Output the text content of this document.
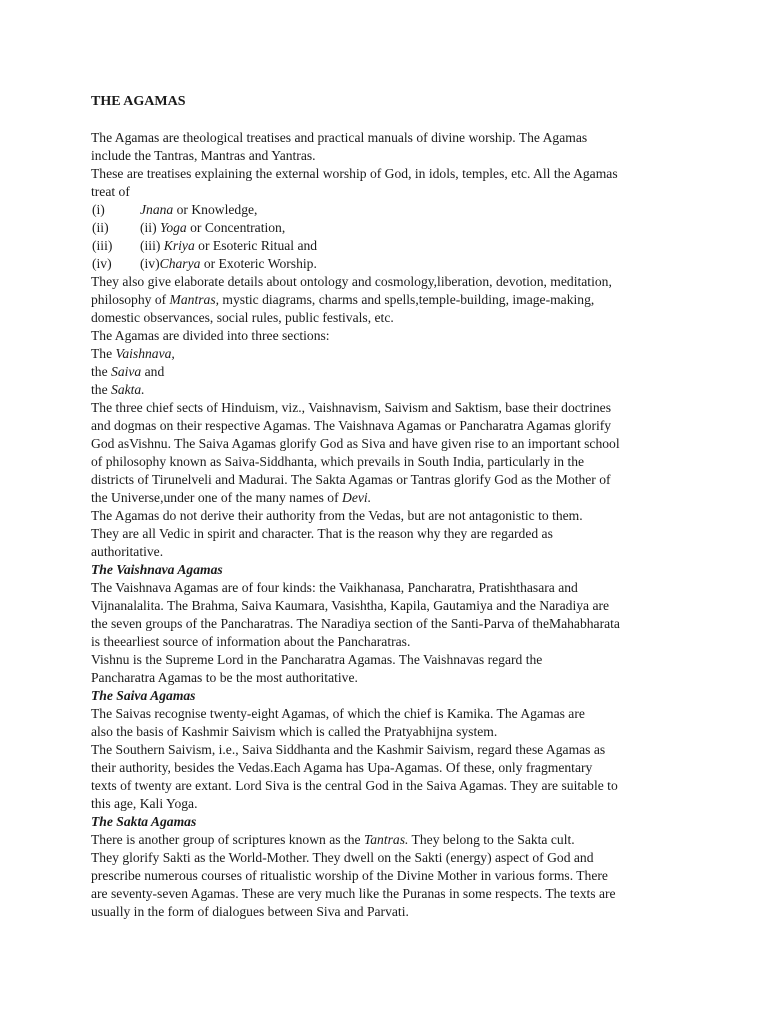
THE AGAMAS
The Agamas are theological treatises and practical manuals of divine worship. The Agamas
include the Tantras, Mantras and Yantras.
These are treatises explaining the external worship of God, in idols, temples, etc. All the Agamas
treat of
(i)	Jnana or Knowledge,
(ii)	(ii) Yoga or Concentration,
(iii)	(iii) Kriya or Esoteric Ritual and
(iv)	(iv)Charya or Exoteric Worship.
They also give elaborate details about ontology and cosmology,liberation, devotion, meditation,
philosophy of Mantras, mystic diagrams, charms and spells,temple-building, image-making,
domestic observances, social rules, public festivals, etc.
The Agamas are divided into three sections:
The Vaishnava,
the Saiva and
the Sakta.
The three chief sects of Hinduism, viz., Vaishnavism, Saivism and Saktism, base their doctrines
and dogmas on their respective Agamas. The Vaishnava Agamas or Pancharatra Agamas glorify
God asVishnu. The Saiva Agamas glorify God as Siva and have given rise to an important school
of philosophy known as Saiva-Siddhanta, which prevails in South India, particularly in the
districts of Tirunelveli and Madurai. The Sakta Agamas or Tantras glorify God as the Mother of
the Universe,under one of the many names of Devi.
The Agamas do not derive their authority from the Vedas, but are not antagonistic to them.
They are all Vedic in spirit and character. That is the reason why they are regarded as
authoritative.
The Vaishnava Agamas
The Vaishnava Agamas are of four kinds: the Vaikhanasa, Pancharatra, Pratishthasara and
Vijnanalalita. The Brahma, Saiva Kaumara, Vasishtha, Kapila, Gautamiya and the Naradiya are
the seven groups of the Pancharatras. The Naradiya section of the Santi-Parva of theMahabharata
is theearliest source of information about the Pancharatras.
Vishnu is the Supreme Lord in the Pancharatra Agamas. The Vaishnavas regard the
Pancharatra Agamas to be the most authoritative.
The Saiva Agamas
The Saivas recognise twenty-eight Agamas, of which the chief is Kamika. The Agamas are
also the basis of Kashmir Saivism which is called the Pratyabhijna system.
The Southern Saivism, i.e., Saiva Siddhanta and the Kashmir Saivism, regard these Agamas as
their authority, besides the Vedas.Each Agama has Upa-Agamas. Of these, only fragmentary
texts of twenty are extant. Lord Siva is the central God in the Saiva Agamas. They are suitable to
this age, Kali Yoga.
The Sakta Agamas
There is another group of scriptures known as the Tantras. They belong to the Sakta cult.
They glorify Sakti as the World-Mother. They dwell on the Sakti (energy) aspect of God and
prescribe numerous courses of ritualistic worship of the Divine Mother in various forms. There
are seventy-seven Agamas. These are very much like the Puranas in some respects. The texts are
usually in the form of dialogues between Siva and Parvati.
